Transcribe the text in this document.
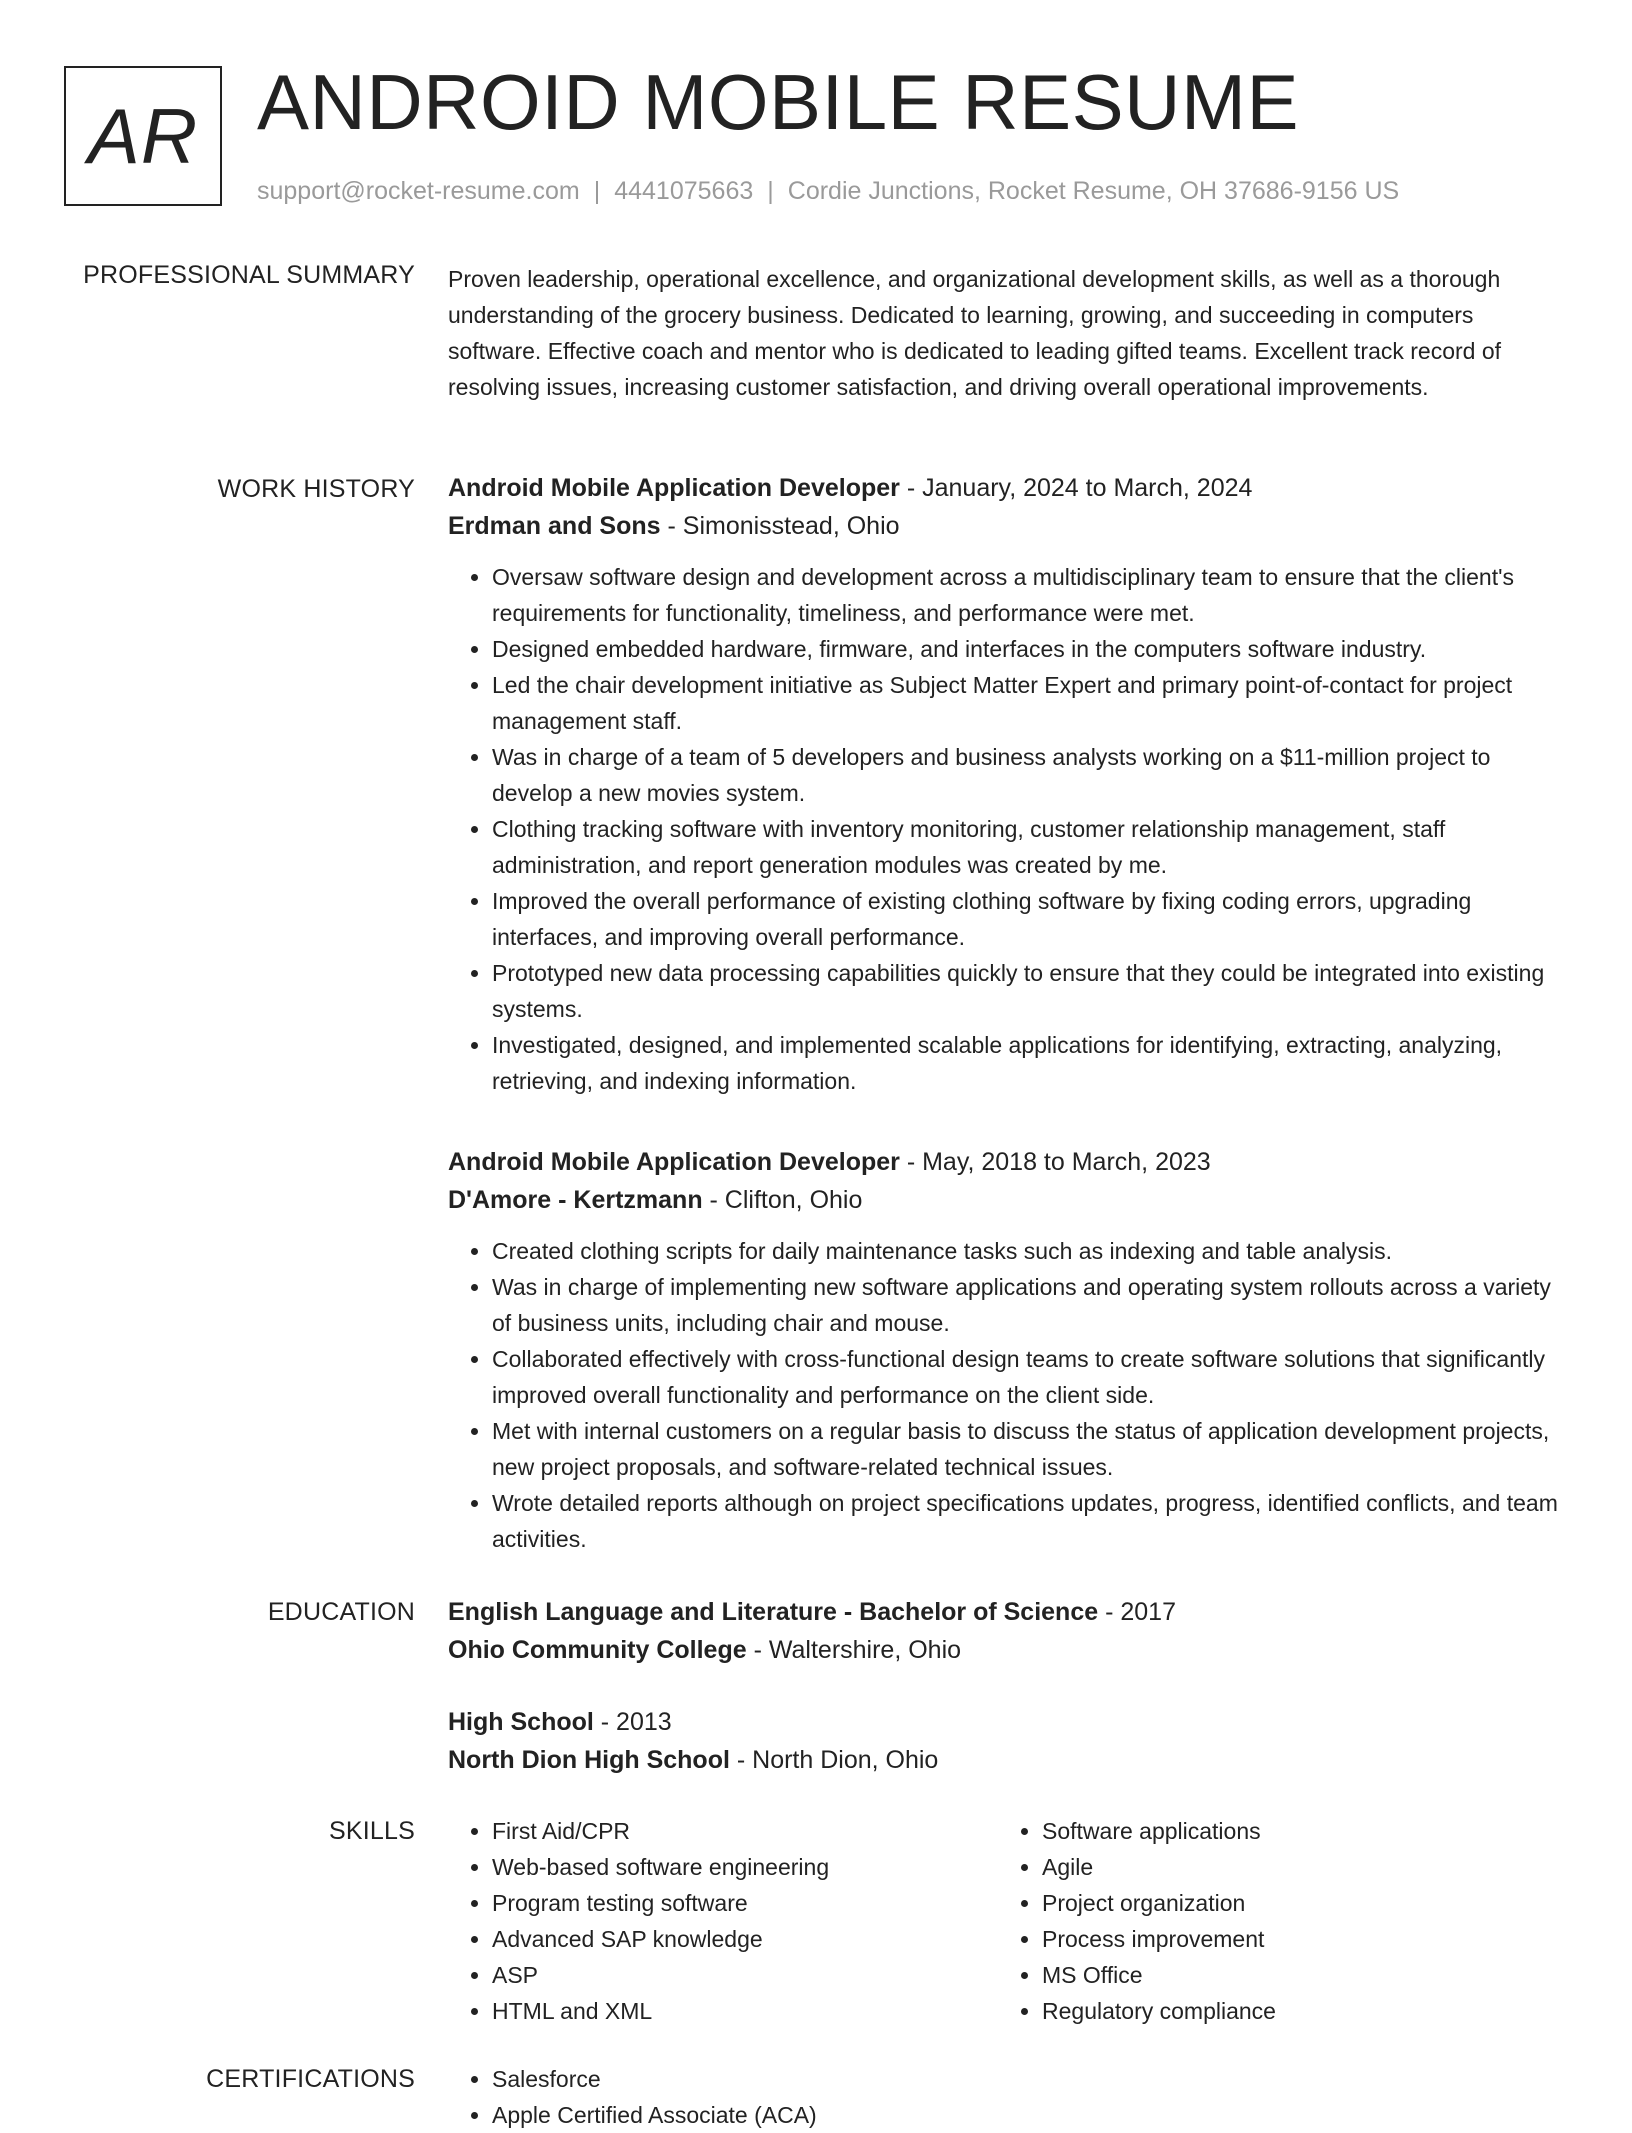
AR ANDROID MOBILE RESUME
support@rocket-resume.com | 4441075663 | Cordie Junctions, Rocket Resume, OH 37686-9156 US
PROFESSIONAL SUMMARY Proven leadership, operational excellence, and organizational development skills, as well as a thorough understanding of the grocery business. Dedicated to learning, growing, and succeeding in computers software. Effective coach and mentor who is dedicated to leading gifted teams. Excellent track record of resolving issues, increasing customer satisfaction, and driving overall operational improvements.

WORK HISTORY Android Mobile Application Developer - January, 2024 to March, 2024

Erdman and Sons - Simonisstead, Ohio

• Oversaw software design and development across a multidisciplinary team to ensure that the client's requirements for functionality, timeliness, and performance were met.
• Designed embedded hardware, firmware, and interfaces in the computers software industry.
• Led the chair development initiative as Subject Matter Expert and primary point-of-contact for project management staff.
• Was in charge of a team of 5 developers and business analysts working on a $11-million project to develop a new movies system.
• Clothing tracking software with inventory monitoring, customer relationship management, staff administration, and report generation modules was created by me.
• Improved the overall performance of existing clothing software by fixing coding errors, upgrading interfaces, and improving overall performance.
• Prototyped new data processing capabilities quickly to ensure that they could be integrated into existing systems.
• Investigated, designed, and implemented scalable applications for identifying, extracting, analyzing, retrieving, and indexing information.

Android Mobile Application Developer - May, 2018 to March, 2023

D'Amore - Kertzmann - Clifton, Ohio

• Created clothing scripts for daily maintenance tasks such as indexing and table analysis.
• Was in charge of implementing new software applications and operating system rollouts across a variety of business units, including chair and mouse.
• Collaborated effectively with cross-functional design teams to create software solutions that significantly improved overall functionality and performance on the client side.
• Met with internal customers on a regular basis to discuss the status of application development projects, new project proposals, and software-related technical issues.
• Wrote detailed reports although on project specifications updates, progress, identified conflicts, and team activities.
EDUCATION English Language and Literature - Bachelor of Science - 2017

Ohio Community College - Waltershire, Ohio

High School - 2013

North Dion High School - North Dion, Ohio

SKILLS	• First Aid/CPR
• Web-based software engineering
• Program testing software
• Advanced SAP knowledge
• ASP
• HTML and XML
• Software applications
• Agile
• Project organization
• Process improvement
• MS Office
• Regulatory compliance
CERTIFICATIONS	• Salesforce
• Apple Certified Associate (ACA)
